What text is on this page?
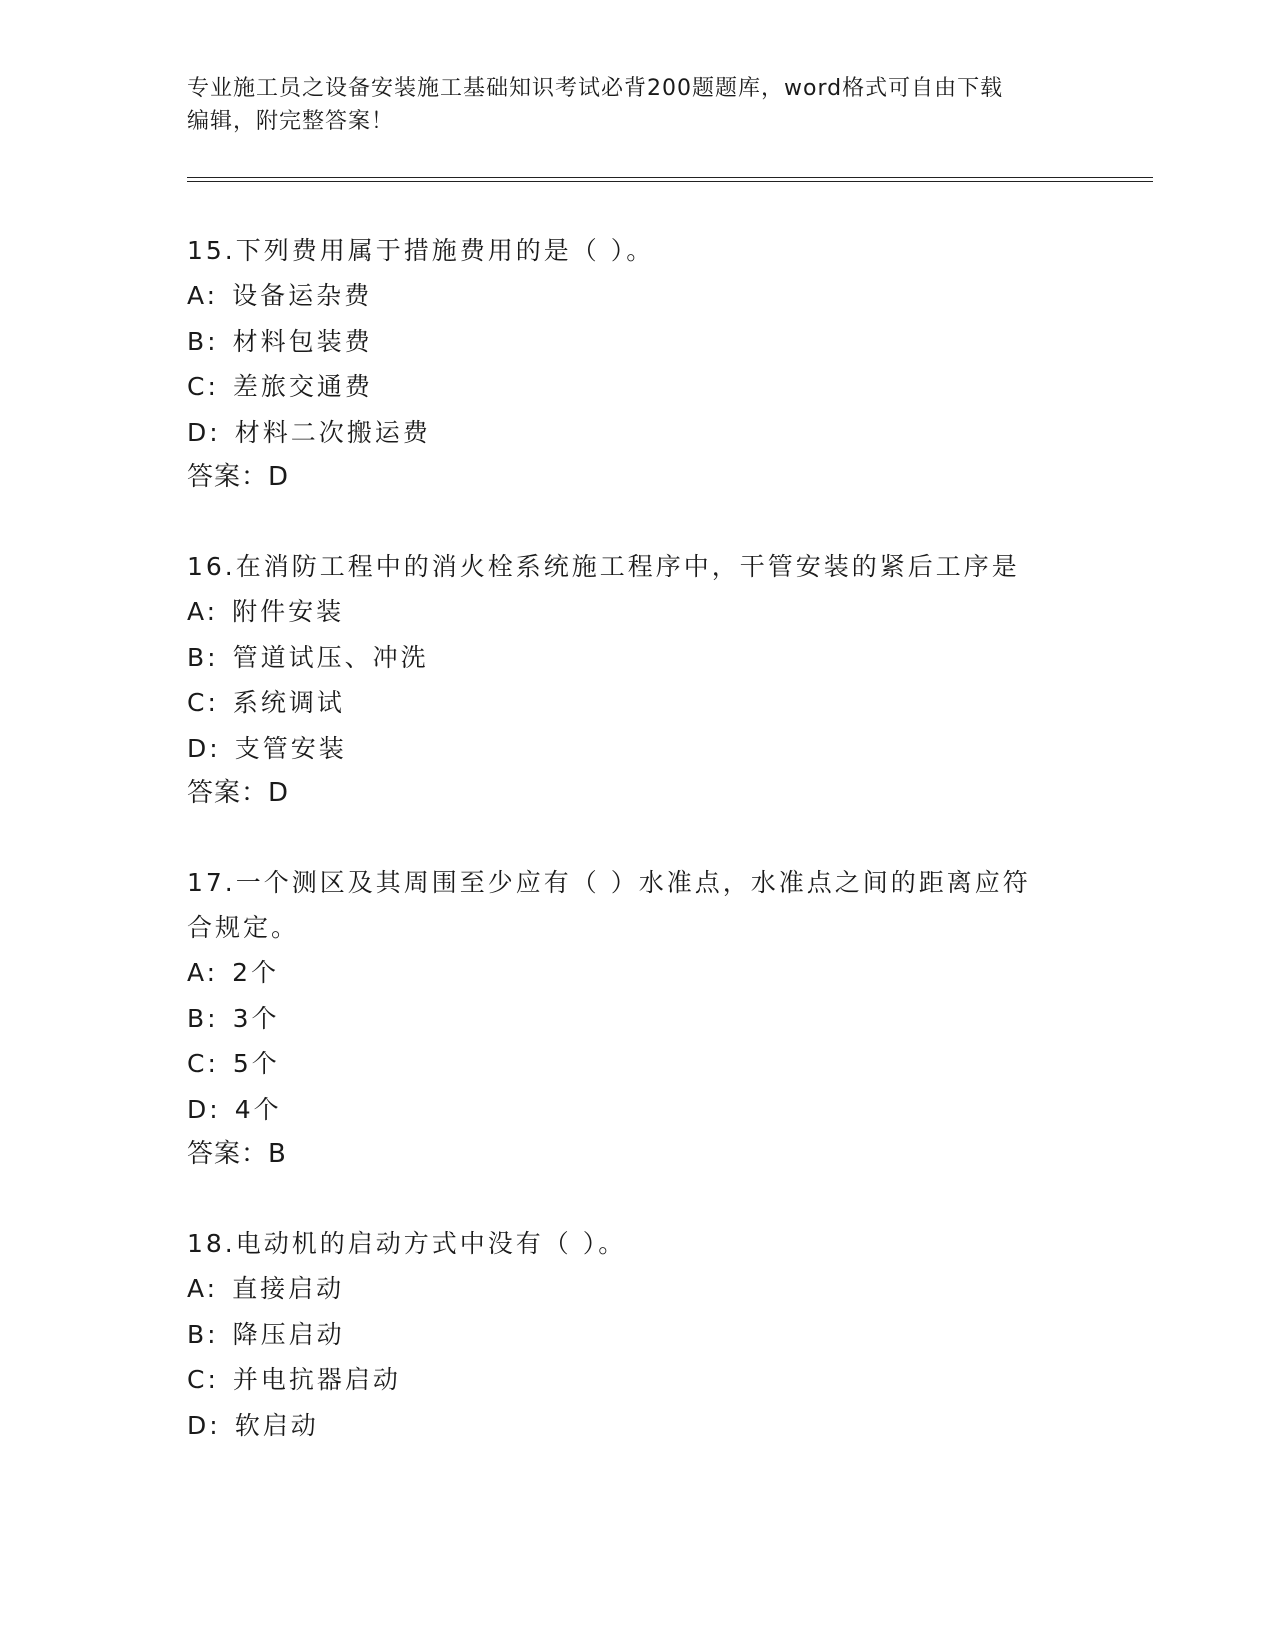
专业施工员之设备安装施工基础知识考试必背200题题库，word格式可自由下载
编辑，附完整答案！
15.下列费用属于措施费用的是（ ）。
A: 设备运杂费
B: 材料包装费
C: 差旅交通费
D: 材料二次搬运费
答案：D
16.在消防工程中的消火栓系统施工程序中，干管安装的紧后工序是
A: 附件安装
B: 管道试压、冲洗
C: 系统调试
D: 支管安装
答案：D
17.一个测区及其周围至少应有（ ）水准点，水准点之间的距离应符
合规定。
A: 2个
B: 3个
C: 5个
D: 4个
答案：B
18.电动机的启动方式中没有（ ）。
A: 直接启动
B: 降压启动
C: 并电抗器启动
D: 软启动
